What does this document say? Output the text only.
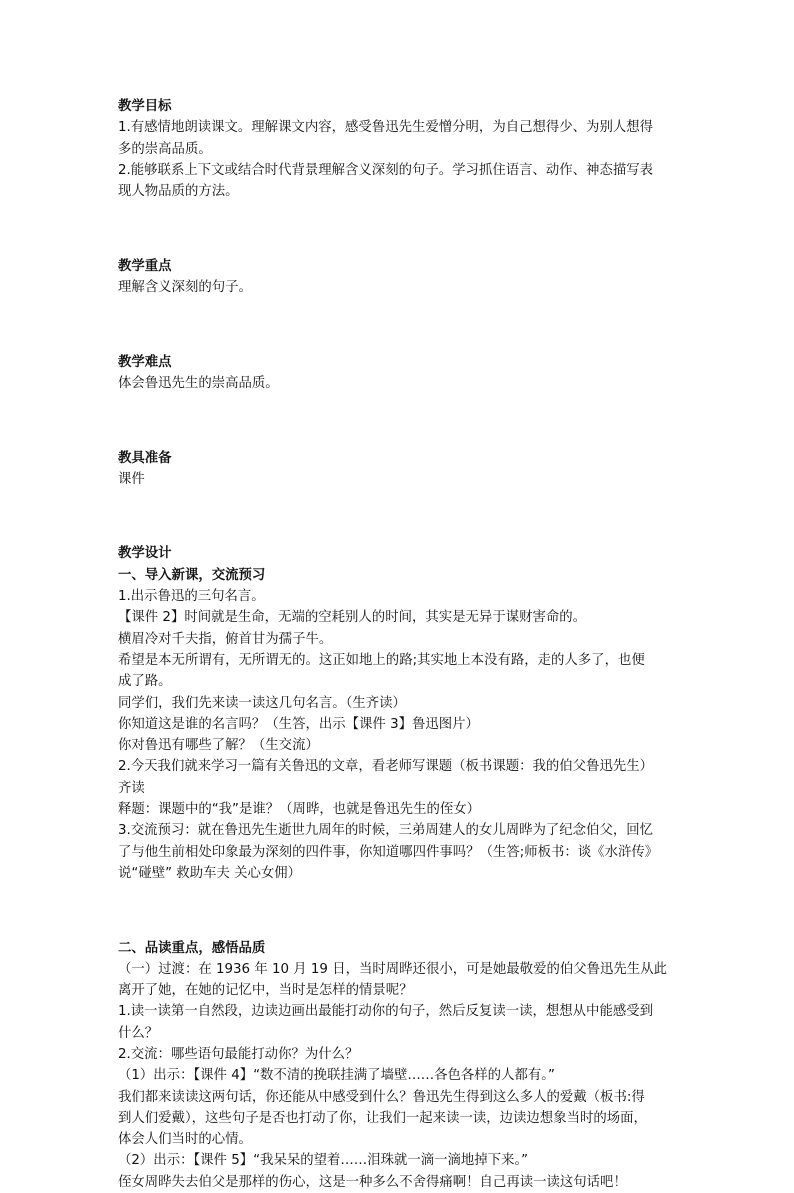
教学目标

1.有感情地朗读课文。理解课文内容，感受鲁迅先生爱憎分明，为自己想得少、为别人想得

多的崇高品质。

2.能够联系上下文或结合时代背景理解含义深刻的句子。学习抓住语言、动作、神态描写表

现人物品质的方法。

教学重点

理解含义深刻的句子。

教学难点

体会鲁迅先生的崇高品质。

教具准备

课件

教学设计

一、导入新课，交流预习

1.出示鲁迅的三句名言。

【课件 2】时间就是生命，无端的空耗别人的时间，其实是无异于谋财害命的。

横眉冷对千夫指，俯首甘为孺子牛。

希望是本无所谓有，无所谓无的。这正如地上的路;其实地上本没有路，走的人多了，也便

成了路。

同学们，我们先来读一读这几句名言。（生齐读）

你知道这是谁的名言吗？（生答，出示【课件 3】鲁迅图片）

你对鲁迅有哪些了解？（生交流）

2.今天我们就来学习一篇有关鲁迅的文章，看老师写课题（板书课题：我的伯父鲁迅先生）

齐读

释题：课题中的“我”是谁？（周晔，也就是鲁迅先生的侄女）

3.交流预习：就在鲁迅先生逝世九周年的时候，三弟周建人的女儿周晔为了纪念伯父，回忆

了与他生前相处印象最为深刻的四件事，你知道哪四件事吗？（生答;师板书：谈《水浒传》

说“碰壁” 救助车夫 关心女佣）

二、品读重点，感悟品质

（一）过渡：在 1936 年 10 月 19 日，当时周晔还很小，可是她最敬爱的伯父鲁迅先生从此

离开了她，在她的记忆中，当时是怎样的情景呢？

1.读一读第一自然段，边读边画出最能打动你的句子，然后反复读一读，想想从中能感受到

什么？

2.交流：哪些语句最能打动你？为什么？

（1）出示：【课件 4】“数不清的挽联挂满了墙壁……各色各样的人都有。”

我们都来读读这两句话，你还能从中感受到什么？鲁迅先生得到这么多人的爱戴（板书:得

到人们爱戴），这些句子是否也打动了你，让我们一起来读一读，边读边想象当时的场面，

体会人们当时的心情。

（2）出示：【课件 5】“我呆呆的望着……泪珠就一滴一滴地掉下来。”

侄女周晔失去伯父是那样的伤心，这是一种多么不舍得痛啊！自己再读一读这句话吧！
